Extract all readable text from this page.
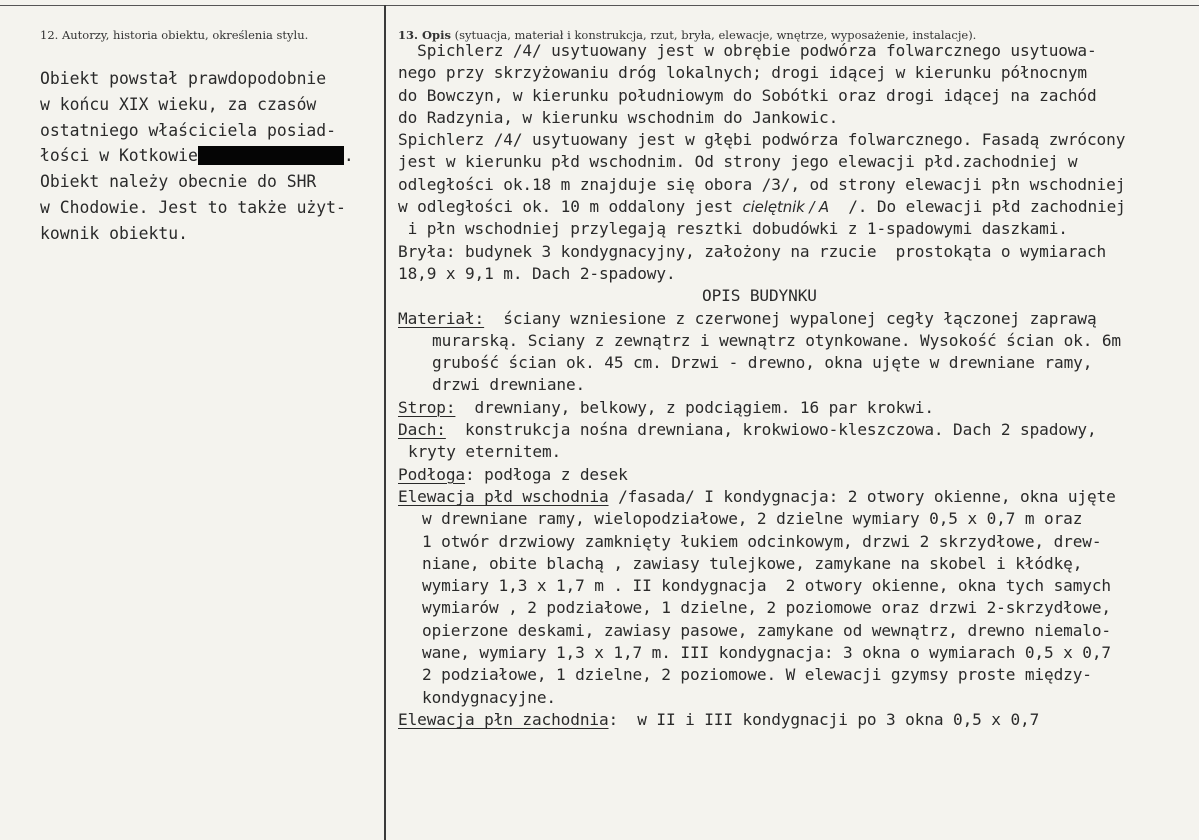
12. Autorzy, historia obiektu, określenia stylu.	13. Opis (sytuacja, materiał i konstrukcja, rzut, bryła, elewacje, wnętrze, wyposażenie, instalacje).
Obiekt powstał prawdopodobnie
w końcu XIX wieku, za czasów
ostatniego właściciela posiad-
łości w Kotkowie	.
Obiekt należy obecnie do SHR
w Chodowie. Jest to także użyt-
kownik obiektu.
Spichlerz /4/ usytuowany jest w obrębie podwórza folwarcznego usytuowa-
nego przy skrzyżowaniu dróg lokalnych; drogi idącej w kierunku północnym
do Bowczyn, w kierunku południowym do Sobótki oraz drogi idącej na zachód
do Radzynia, w kierunku wschodnim do Jankowic.
Spichlerz /4/ usytuowany jest w głębi podwórza folwarcznego. Fasadą zwrócony
jest w kierunku płd wschodnim. Od strony jego elewacji płd.zachodniej w
odległości ok.18 m znajduje się obora /3/, od strony elewacji płn wschodniej
w odległości ok. 10 m oddalony jest cielętnik / A  /. Do elewacji płd zachodniej
i płn wschodniej przylegają resztki dobudówki z 1-spadowymi daszkami.
Bryła: budynek 3 kondygnacyjny, założony na rzucie  prostokąta o wymiarach
18,9 x 9,1 m. Dach 2-spadowy.
OPIS BUDYNKU
Materiał:  ściany wzniesione z czerwonej wypalonej cegły łączonej zaprawą
murarską. Sciany z zewnątrz i wewnątrz otynkowane. Wysokość ścian ok. 6m
grubość ścian ok. 45 cm. Drzwi - drewno, okna ujęte w drewniane ramy,
drzwi drewniane.
Strop:  drewniany, belkowy, z podciągiem. 16 par krokwi.
Dach:  konstrukcja nośna drewniana, krokwiowo-kleszczowa. Dach 2 spadowy,
kryty eternitem.
Podłoga: podłoga z desek
Elewacja płd wschodnia /fasada/ I kondygnacja: 2 otwory okienne, okna ujęte
w drewniane ramy, wielopodziałowe, 2 dzielne wymiary 0,5 x 0,7 m oraz
1 otwór drzwiowy zamknięty łukiem odcinkowym, drzwi 2 skrzydłowe, drew-
niane, obite blachą , zawiasy tulejkowe, zamykane na skobel i kłódkę,
wymiary 1,3 x 1,7 m . II kondygnacja  2 otwory okienne, okna tych samych
wymiarów , 2 podziałowe, 1 dzielne, 2 poziomowe oraz drzwi 2-skrzydłowe,
opierzone deskami, zawiasy pasowe, zamykane od wewnątrz, drewno niemalo-
wane, wymiary 1,3 x 1,7 m. III kondygnacja: 3 okna o wymiarach 0,5 x 0,7
2 podziałowe, 1 dzielne, 2 poziomowe. W elewacji gzymsy proste między-
kondygnacyjne.
Elewacja płn zachodnia:  w II i III kondygnacji po 3 okna 0,5 x 0,7
